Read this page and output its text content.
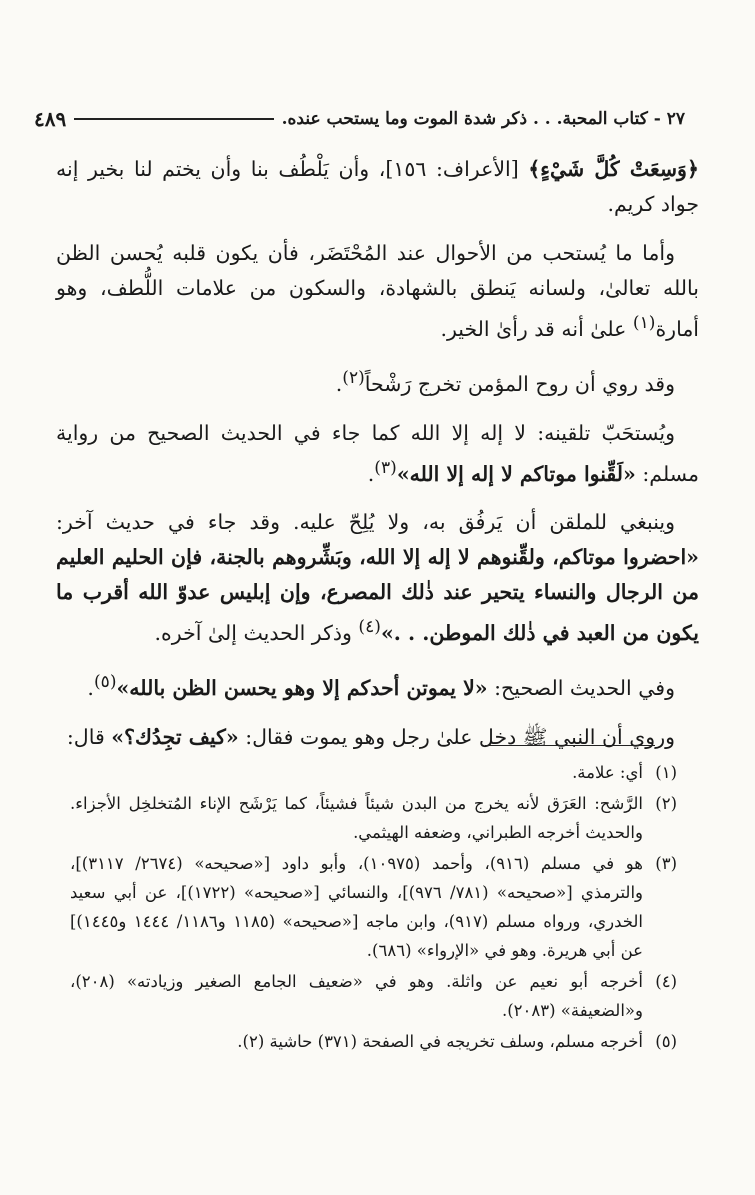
٢٧ - كتاب المحبة. . . ذكر شدة الموت وما يستحب عنده.
٤٨٩

﴿وَسِعَتْ كُلَّ شَيْءٍ﴾ [الأعراف: ١٥٦]، وأن يَلْطُف بنا وأن يختم لنا بخير إنه جواد كريم.

وأما ما يُستحب من الأحوال عند المُحْتَضَر، فأن يكون قلبه يُحسن الظن بالله تعالىٰ، ولسانه يَنطق بالشهادة، والسكون من علامات اللُّطف، وهو أمارة$^{(١)}$ علىٰ أنه قد رأىٰ الخير.

وقد روي أن روح المؤمن تخرج رَشْحاً$^{(٢)}$.

ويُستحَبّ تلقينه: لا إله إلا الله كما جاء في الحديث الصحيح من رواية مسلم: «لَقِّنوا موتاكم لا إله إلا الله»$^{(٣)}$.

وينبغي للملقن أن يَرفُق به، ولا يُلِحّ عليه. وقد جاء في حديث آخر: «احضروا موتاكم، ولقِّنوهم لا إله إلا الله، وبَشِّروهم بالجنة، فإن الحليم العليم من الرجال والنساء يتحير عند ذٰلك المصرع، وإن إبليس عدوّ الله أقرب ما يكون من العبد في ذٰلك الموطن. . .»$^{(٤)}$ وذكر الحديث إلىٰ آخره.

وفي الحديث الصحيح: «لا يموتن أحدكم إلا وهو يحسن الظن بالله»$^{(٥)}$.

وروي أن النبي ﷺ دخل علىٰ رجل وهو يموت فقال: «كيف تجِدُك؟» قال:

(١)
أي: علامة.
(٢)
الرَّشح: العَرَق لأنه يخرج من البدن شيئاً فشيئاً، كما يَرْشَح الإناء المُتخلخِل الأجزاء. والحديث أخرجه الطبراني، وضعفه الهيثمي.
(٣)
هو في مسلم (٩١٦)، وأحمد (١٠٩٧٥)، وأبو داود [«صحيحه» (٢٦٧٤/ ٣١١٧)]، والترمذي [«صحيحه» (٧٨١/ ٩٧٦)]، والنسائي [«صحيحه» (١٧٢٢)]، عن أبي سعيد الخدري، ورواه مسلم (٩١٧)، وابن ماجه [«صحيحه» (١١٨٥ و١١٨٦/ ١٤٤٤ و١٤٤٥)] عن أبي هريرة. وهو في «الإرواء» (٦٨٦).
(٤)
أخرجه أبو نعيم عن واثلة. وهو في «ضعيف الجامع الصغير وزيادته» (٢٠٨)، و«الضعيفة» (٢٠٨٣).
(٥)
أخرجه مسلم، وسلف تخريجه في الصفحة (٣٧١) حاشية (٢).
